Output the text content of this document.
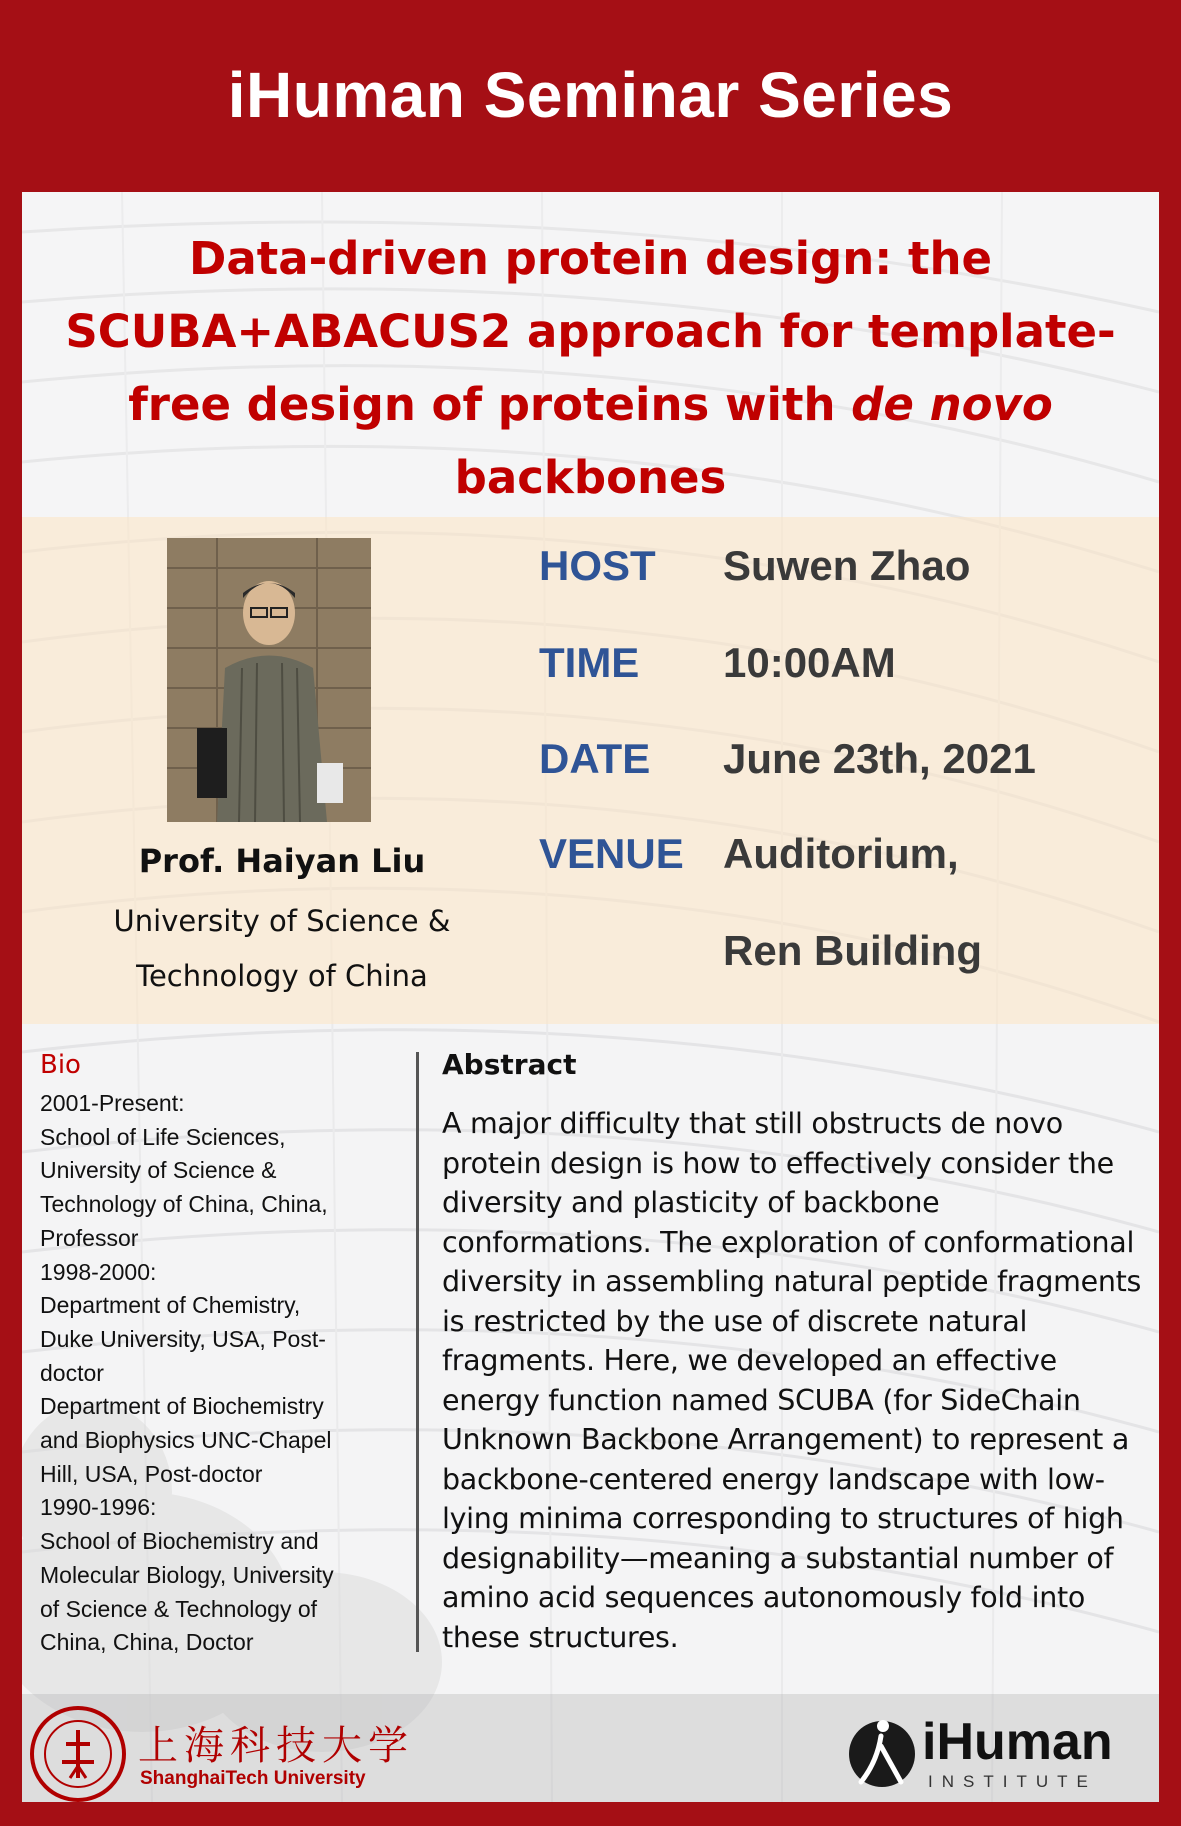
iHuman Seminar Series
Data-driven protein design: the
SCUBA+ABACUS2 approach for template-
free design of proteins with de novo
backbones
Prof. Haiyan Liu
University of Science &
Technology of China
HOST	Suwen Zhao
TIME	10:00AM
DATE	June 23th, 2021
VENUE Auditorium,
Ren Building
Bio
2001-Present:
School of Life Sciences,
University of Science &
Technology of China, China,
Professor
1998-2000:
Department of Chemistry,
Duke University, USA, Post-
doctor
Department of Biochemistry
and Biophysics UNC-Chapel
Hill, USA, Post-doctor
1990-1996:
School of Biochemistry and
Molecular Biology, University
of Science & Technology of
China, China, Doctor
Abstract
A major difficulty that still obstructs de novo protein design is how to effectively consider the diversity and plasticity of backbone conformations. The exploration of conformational diversity in assembling natural peptide fragments is restricted by the use of discrete natural fragments. Here, we developed an effective energy function named SCUBA (for SideChain Unknown Backbone Arrangement) to represent a backbone-centered energy landscape with low-lying minima corresponding to structures of high designability—meaning a substantial number of amino acid sequences autonomously fold into these structures.
上海科技大学
ShanghaiTech University
iHuman
INSTITUTE
